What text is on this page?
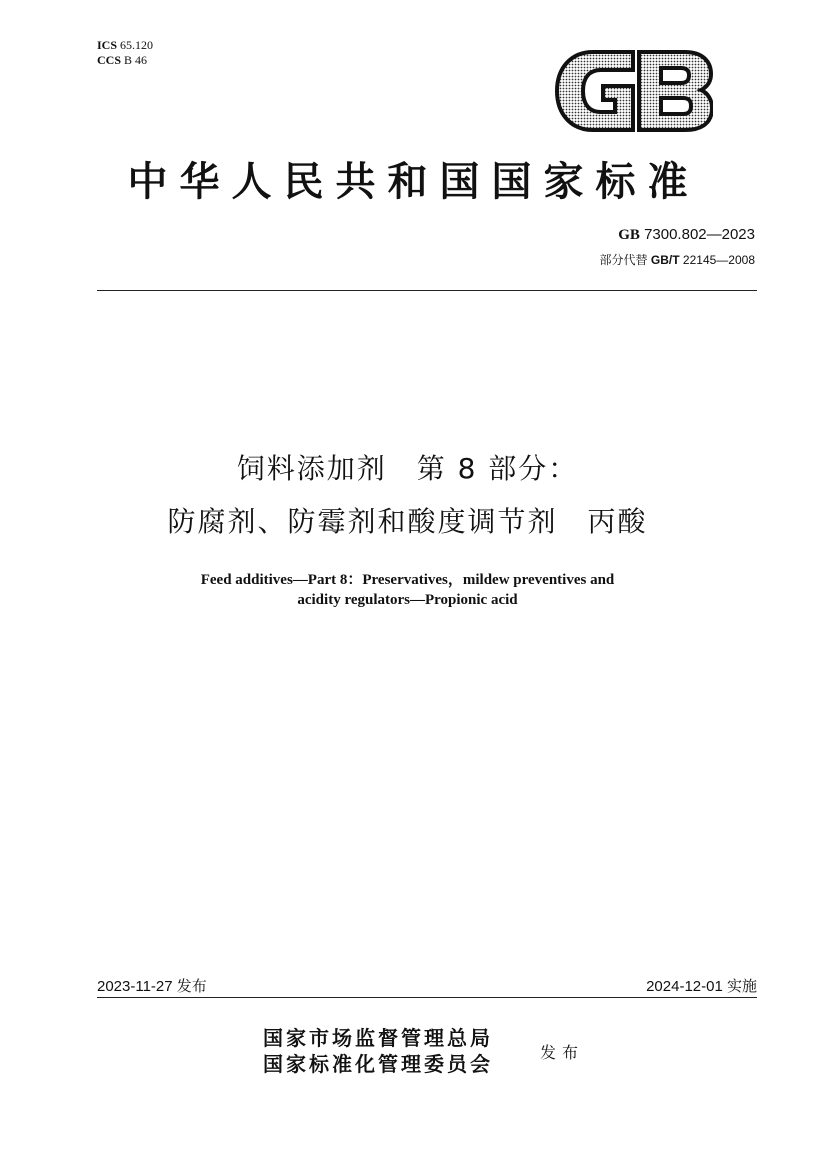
ICS 65.120
CCS B 46
中华人民共和国国家标准
GB 7300.802—2023
部分代替 GB/T 22145—2008
饲料添加剂　第 8 部分：
防腐剂、防霉剂和酸度调节剂　丙酸
Feed additives—Part 8：Preservatives，mildew preventives and
acidity regulators—Propionic acid
2023-11-27 发布	2024-12-01 实施
国家市场监督管理总局
国家标准化管理委员会	发布
